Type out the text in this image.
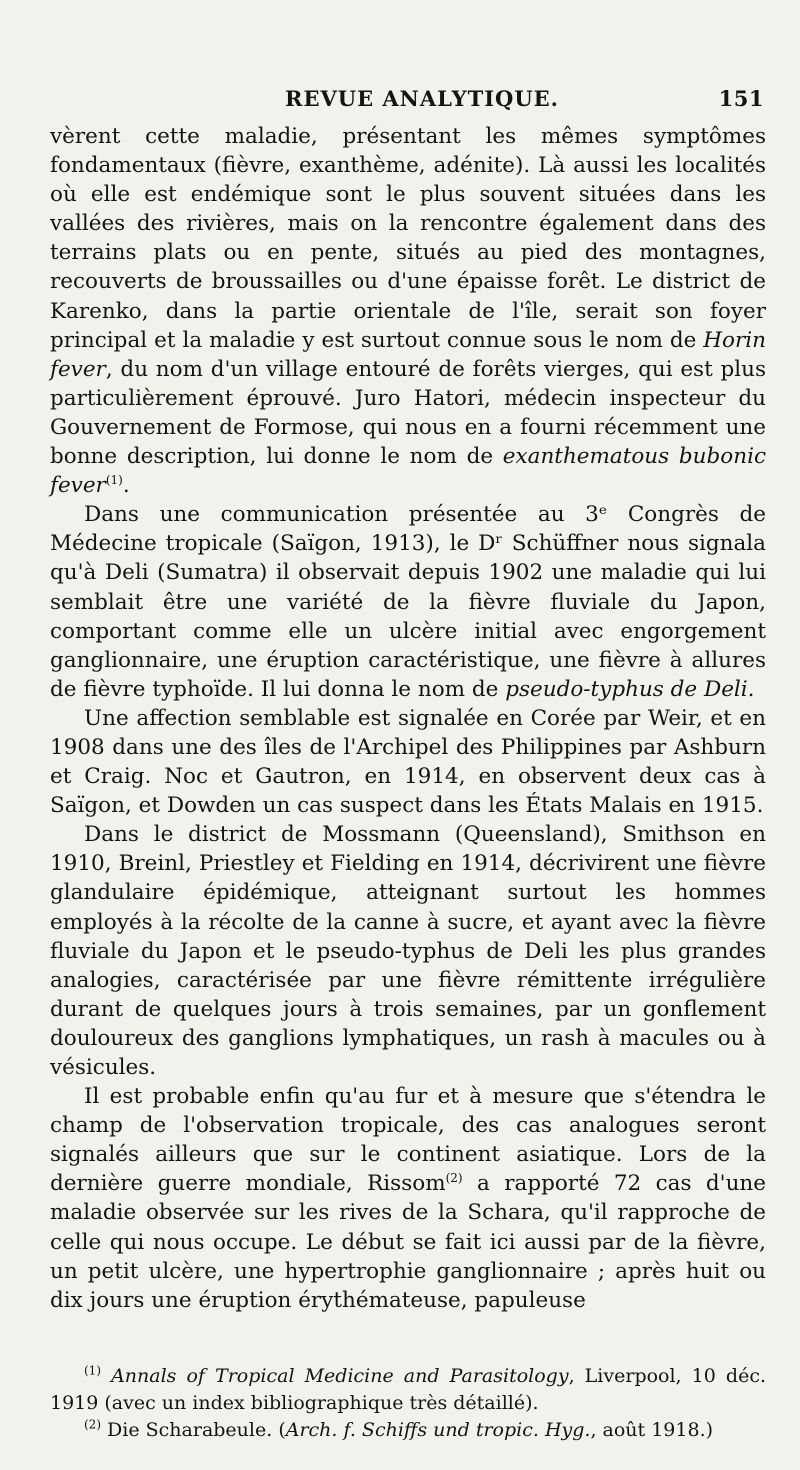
REVUE ANALYTIQUE.	151

vèrent cette maladie, présentant les mêmes symptômes fondamentaux (fièvre, exanthème, adénite). Là aussi les localités où elle est endémique sont le plus souvent situées dans les vallées des rivières, mais on la rencontre également dans des terrains plats ou en pente, situés au pied des montagnes, recouverts de broussailles ou d'une épaisse forêt. Le district de Karenko, dans la partie orientale de l'île, serait son foyer principal et la maladie y est surtout connue sous le nom de Horin fever, du nom d'un village entouré de forêts vierges, qui est plus particulièrement éprouvé. Juro Hatori, médecin inspecteur du Gouvernement de Formose, qui nous en a fourni récemment une bonne description, lui donne le nom de exanthematous bubonic fever$^{(1)}$.

Dans une communication présentée au 3ᵉ Congrès de Médecine tropicale (Saïgon, 1913), le Dʳ Schüffner nous signala qu'à Deli (Sumatra) il observait depuis 1902 une maladie qui lui semblait être une variété de la fièvre fluviale du Japon, comportant comme elle un ulcère initial avec engorgement ganglionnaire, une éruption caractéristique, une fièvre à allures de fièvre typhoïde. Il lui donna le nom de pseudo-typhus de Deli.

Une affection semblable est signalée en Corée par Weir, et en 1908 dans une des îles de l'Archipel des Philippines par Ashburn et Craig. Noc et Gautron, en 1914, en observent deux cas à Saïgon, et Dowden un cas suspect dans les États Malais en 1915.

Dans le district de Mossmann (Queensland), Smithson en 1910, Breinl, Priestley et Fielding en 1914, décrivirent une fièvre glandulaire épidémique, atteignant surtout les hommes employés à la récolte de la canne à sucre, et ayant avec la fièvre fluviale du Japon et le pseudo-typhus de Deli les plus grandes analogies, caractérisée par une fièvre rémittente irrégulière durant de quelques jours à trois semaines, par un gonflement douloureux des ganglions lymphatiques, un rash à macules ou à vésicules.

Il est probable enfin qu'au fur et à mesure que s'étendra le champ de l'observation tropicale, des cas analogues seront signalés ailleurs que sur le continent asiatique. Lors de la dernière guerre mondiale, Rissom$^{(2)}$ a rapporté 72 cas d'une maladie observée sur les rives de la Schara, qu'il rapproche de celle qui nous occupe. Le début se fait ici aussi par de la fièvre, un petit ulcère, une hypertrophie ganglionnaire ; après huit ou dix jours une éruption érythémateuse, papuleuse

$^{(1)}$ Annals of Tropical Medicine and Parasitology, Liverpool, 10 déc. 1919 (avec un index bibliographique très détaillé).

$^{(2)}$ Die Scharabeule. (Arch. f. Schiffs und tropic. Hyg., août 1918.)
